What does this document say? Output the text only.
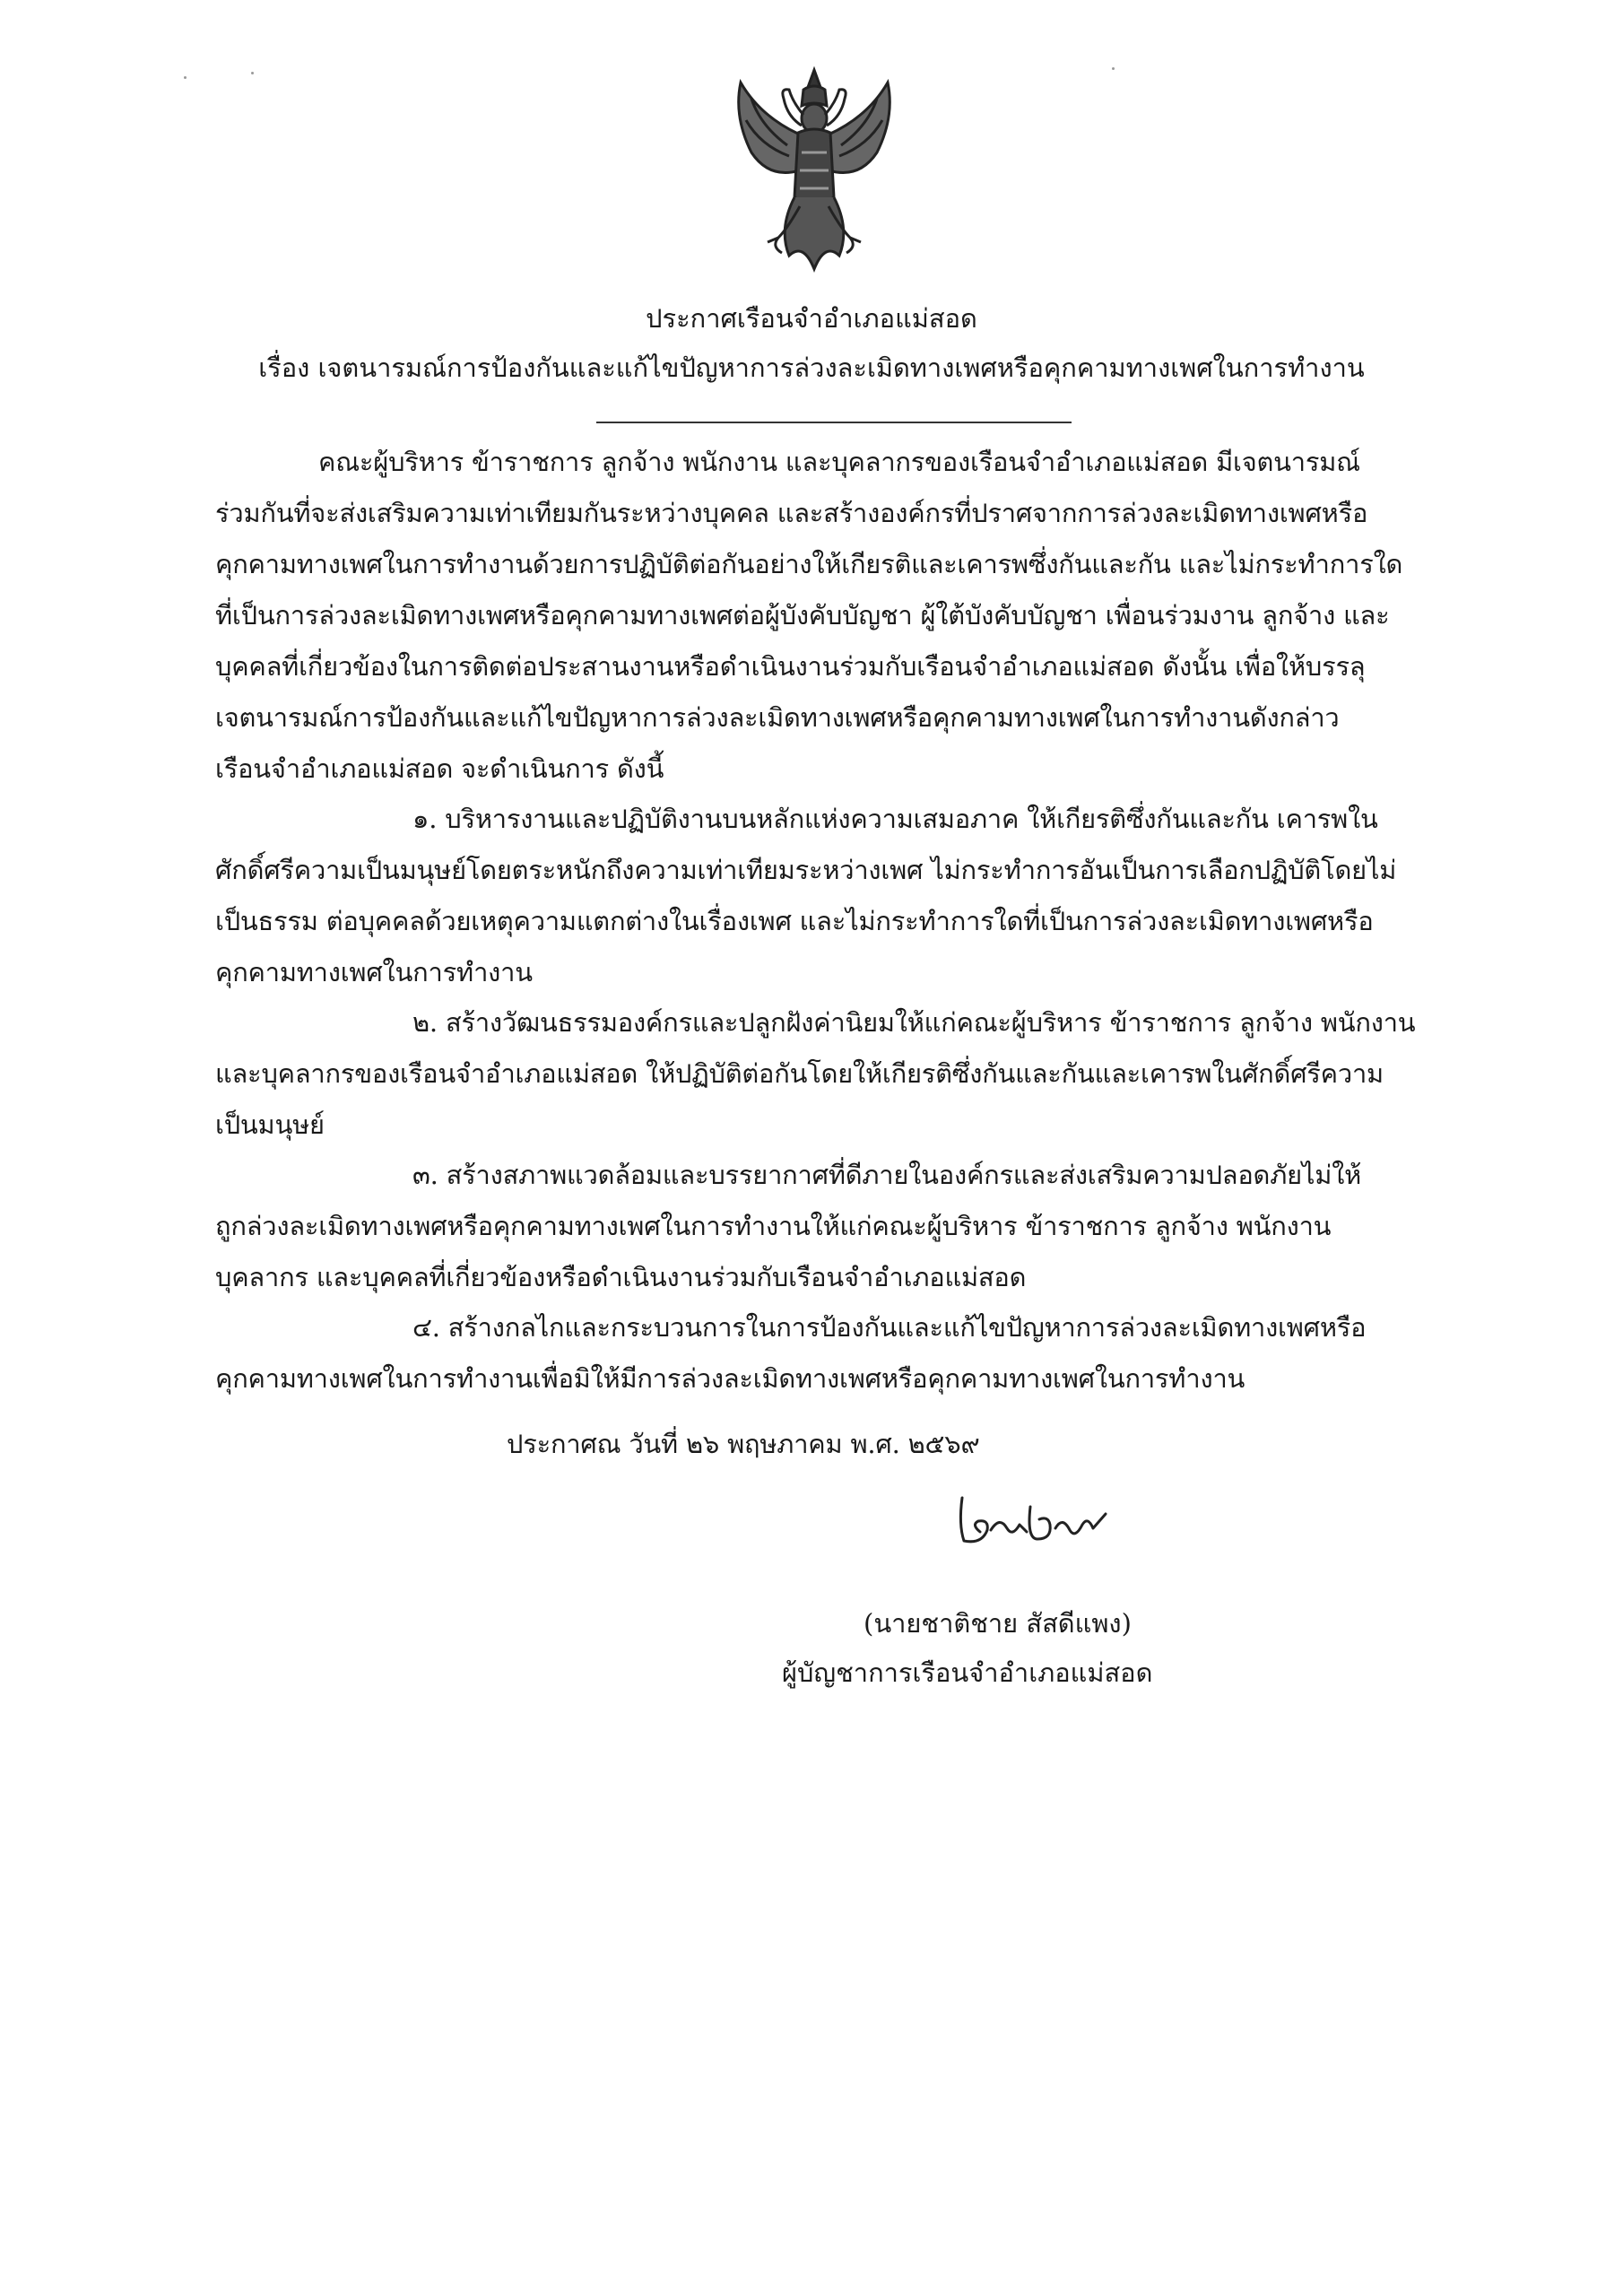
ประกาศเรือนจำอำเภอแม่สอด
เรื่อง เจตนารมณ์การป้องกันและแก้ไขปัญหาการล่วงละเมิดทางเพศหรือคุกคามทางเพศในการทำงาน
คณะผู้บริหาร ข้าราชการ ลูกจ้าง พนักงาน และบุคลากรของเรือนจำอำเภอแม่สอด มีเจตนารมณ์
ร่วมกันที่จะส่งเสริมความเท่าเทียมกันระหว่างบุคคล และสร้างองค์กรที่ปราศจากการล่วงละเมิดทางเพศหรือ
คุกคามทางเพศในการทำงานด้วยการปฏิบัติต่อกันอย่างให้เกียรติและเคารพซึ่งกันและกัน และไม่กระทำการใด
ที่เป็นการล่วงละเมิดทางเพศหรือคุกคามทางเพศต่อผู้บังคับบัญชา ผู้ใต้บังคับบัญชา เพื่อนร่วมงาน ลูกจ้าง และ
บุคคลที่เกี่ยวข้องในการติดต่อประสานงานหรือดำเนินงานร่วมกับเรือนจำอำเภอแม่สอด ดังนั้น เพื่อให้บรรลุ
เจตนารมณ์การป้องกันและแก้ไขปัญหาการล่วงละเมิดทางเพศหรือคุกคามทางเพศในการทำงานดังกล่าว
เรือนจำอำเภอแม่สอด จะดำเนินการ ดังนี้
๑. บริหารงานและปฏิบัติงานบนหลักแห่งความเสมอภาค ให้เกียรติซึ่งกันและกัน เคารพใน
ศักดิ์ศรีความเป็นมนุษย์โดยตระหนักถึงความเท่าเทียมระหว่างเพศ ไม่กระทำการอันเป็นการเลือกปฏิบัติโดยไม่
เป็นธรรม ต่อบุคคลด้วยเหตุความแตกต่างในเรื่องเพศ และไม่กระทำการใดที่เป็นการล่วงละเมิดทางเพศหรือ
คุกคามทางเพศในการทำงาน
๒. สร้างวัฒนธรรมองค์กรและปลูกฝังค่านิยมให้แก่คณะผู้บริหาร ข้าราชการ ลูกจ้าง พนักงาน
และบุคลากรของเรือนจำอำเภอแม่สอด ให้ปฏิบัติต่อกันโดยให้เกียรติซึ่งกันและกันและเคารพในศักดิ์ศรีความ
เป็นมนุษย์
๓. สร้างสภาพแวดล้อมและบรรยากาศที่ดีภายในองค์กรและส่งเสริมความปลอดภัยไม่ให้
ถูกล่วงละเมิดทางเพศหรือคุกคามทางเพศในการทำงานให้แก่คณะผู้บริหาร ข้าราชการ ลูกจ้าง พนักงาน
บุคลากร และบุคคลที่เกี่ยวข้องหรือดำเนินงานร่วมกับเรือนจำอำเภอแม่สอด
๔. สร้างกลไกและกระบวนการในการป้องกันและแก้ไขปัญหาการล่วงละเมิดทางเพศหรือ
คุกคามทางเพศในการทำงานเพื่อมิให้มีการล่วงละเมิดทางเพศหรือคุกคามทางเพศในการทำงาน
ประกาศณ วันที่ ๒๖ พฤษภาคม พ.ศ. ๒๕๖๙
(นายชาติชาย สัสดีแพง)
ผู้บัญชาการเรือนจำอำเภอแม่สอด
